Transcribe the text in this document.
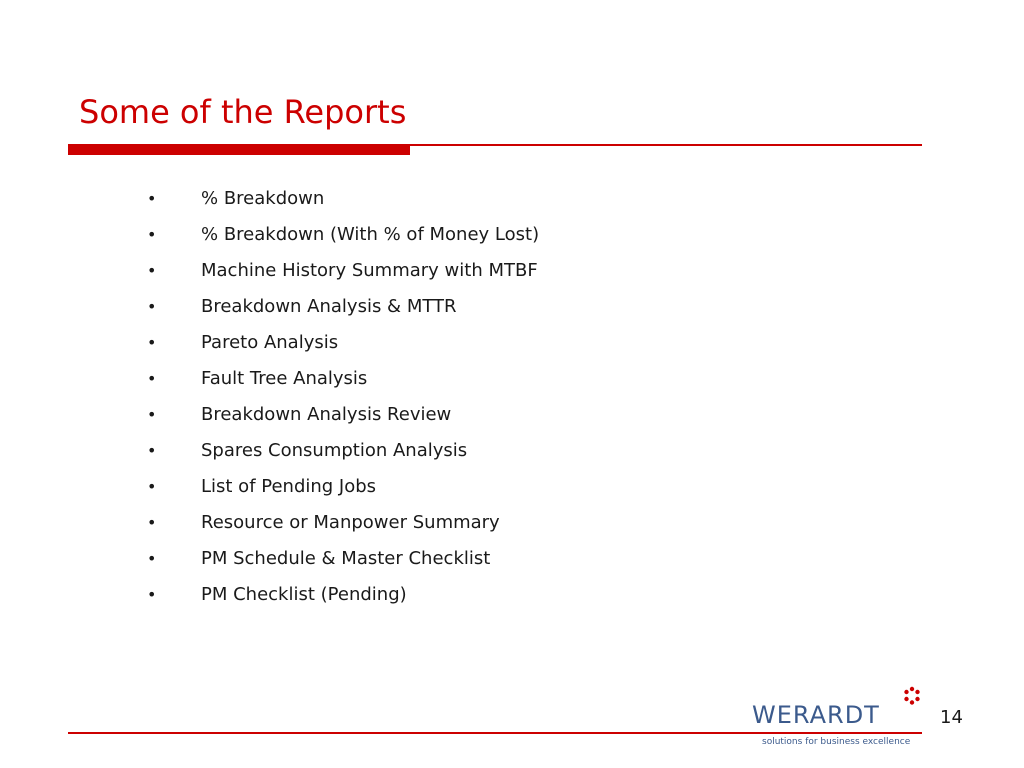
Some of the Reports
• % Breakdown
• % Breakdown (With % of Money Lost)
• Machine History Summary with MTBF
• Breakdown Analysis & MTTR
• Pareto Analysis
• Fault Tree Analysis
• Breakdown Analysis Review
• Spares Consumption Analysis
• List of Pending Jobs
• Resource or Manpower Summary
• PM Schedule & Master Checklist
• PM Checklist (Pending)
WERARDT
solutions for business excellence
14
